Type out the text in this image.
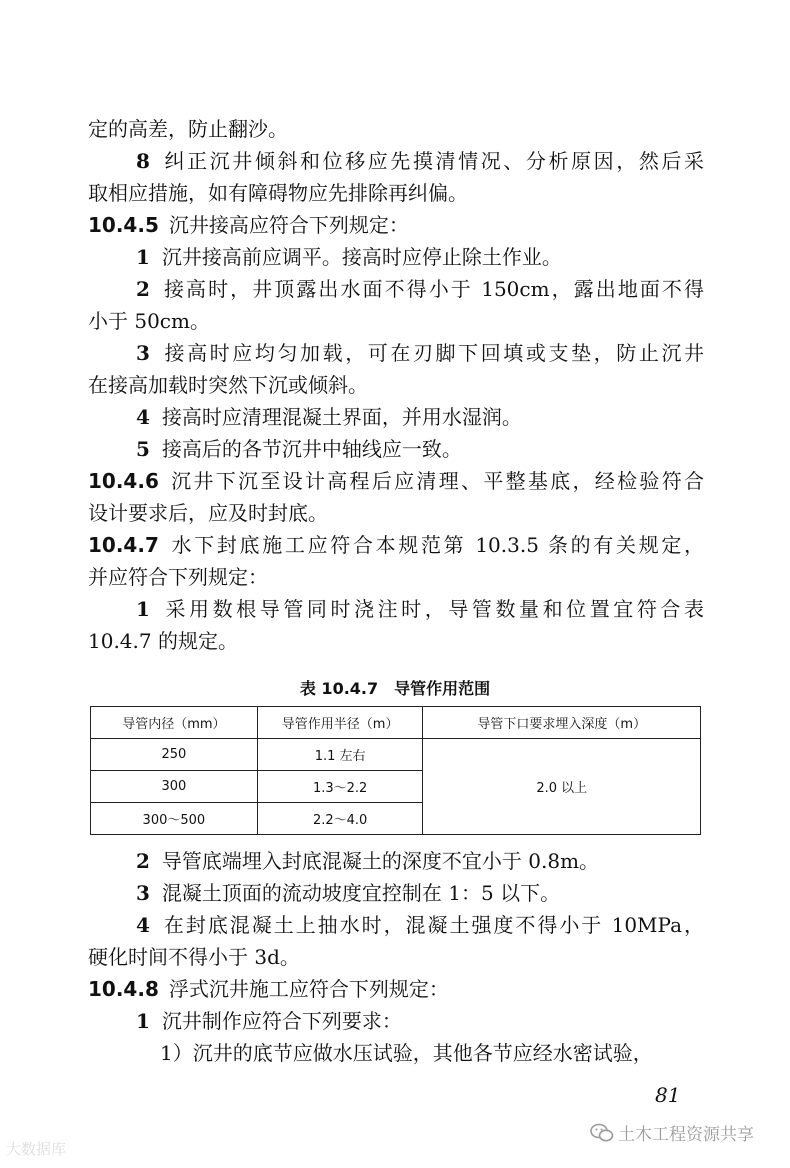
定的高差，防止翻沙。
8 纠正沉井倾斜和位移应先摸清情况、分析原因，然后采
取相应措施，如有障碍物应先排除再纠偏。
10.4.5 沉井接高应符合下列规定：
1 沉井接高前应调平。接高时应停止除土作业。
2 接高时，井顶露出水面不得小于 150cm，露出地面不得
小于 50cm。
3 接高时应均匀加载，可在刃脚下回填或支垫，防止沉井
在接高加载时突然下沉或倾斜。
4 接高时应清理混凝土界面，并用水湿润。
5 接高后的各节沉井中轴线应一致。
10.4.6 沉井下沉至设计高程后应清理、平整基底，经检验符合
设计要求后，应及时封底。
10.4.7 水下封底施工应符合本规范第 10.3.5 条的有关规定，
并应符合下列规定：
1 采用数根导管同时浇注时，导管数量和位置宜符合表
10.4.7 的规定。
表 10.4.7　导管作用范围
导管内径（mm）	导管作用半径（m）	导管下口要求埋入深度（m）
250	1.1 左右	2.0 以上
300	1.3～2.2	
300～500	2.2～4.0	
2 导管底端埋入封底混凝土的深度不宜小于 0.8m。
3 混凝土顶面的流动坡度宜控制在 1：5 以下。
4 在封底混凝土上抽水时，混凝土强度不得小于 10MPa，
硬化时间不得小于 3d。
10.4.8 浮式沉井施工应符合下列规定：
1 沉井制作应符合下列要求：
1）沉井的底节应做水压试验，其他各节应经水密试验，
81
大数据库
土木工程资源共享
